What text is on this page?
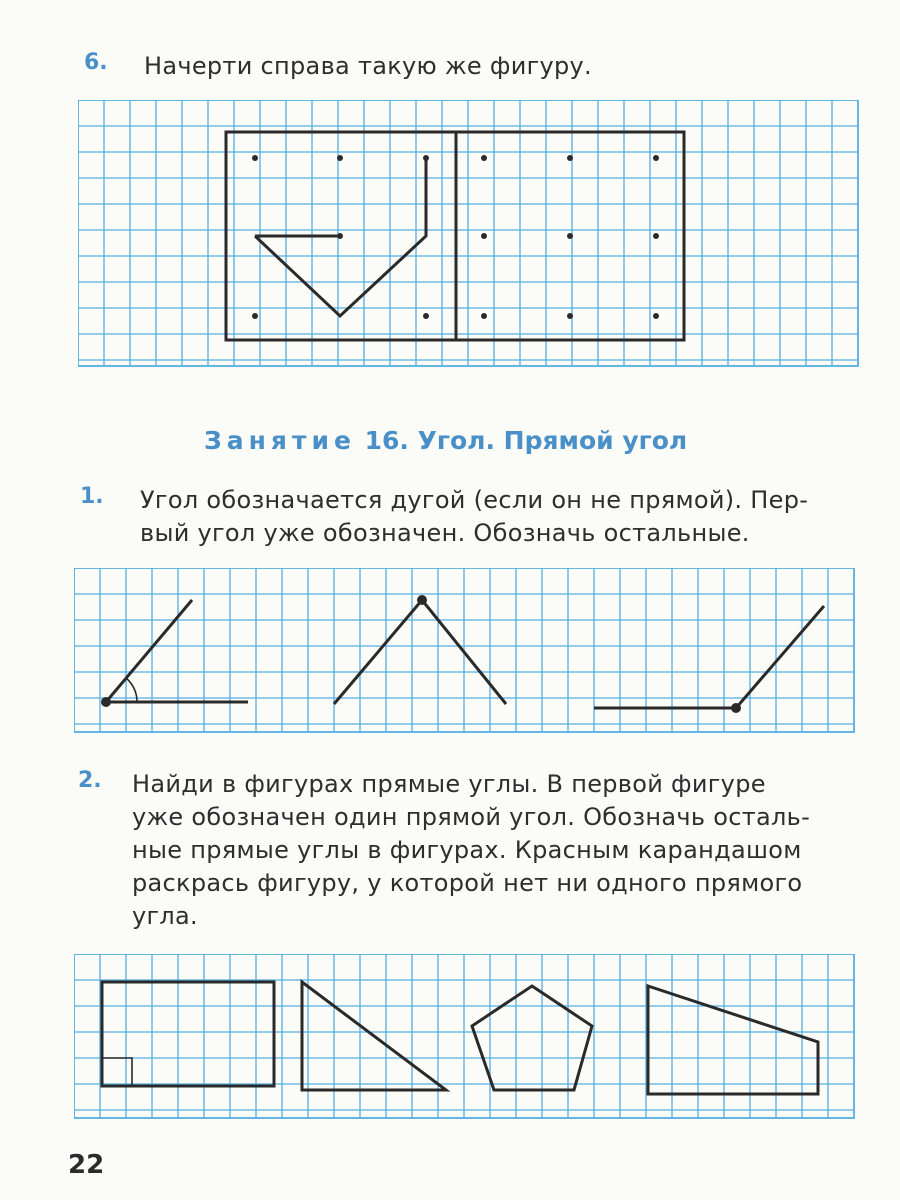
6. Начерти справа такую же фигуру.
Занятие 16. Угол. Прямой угол
1. Угол обозначается дугой (если он не прямой). Пер-
вый угол уже обозначен. Обозначь остальные.
2. Найди в фигурах прямые углы. В первой фигуре
уже обозначен один прямой угол. Обозначь осталь-
ные прямые углы в фигурах. Красным карандашом
раскрась фигуру, у которой нет ни одного прямого
угла.
22
